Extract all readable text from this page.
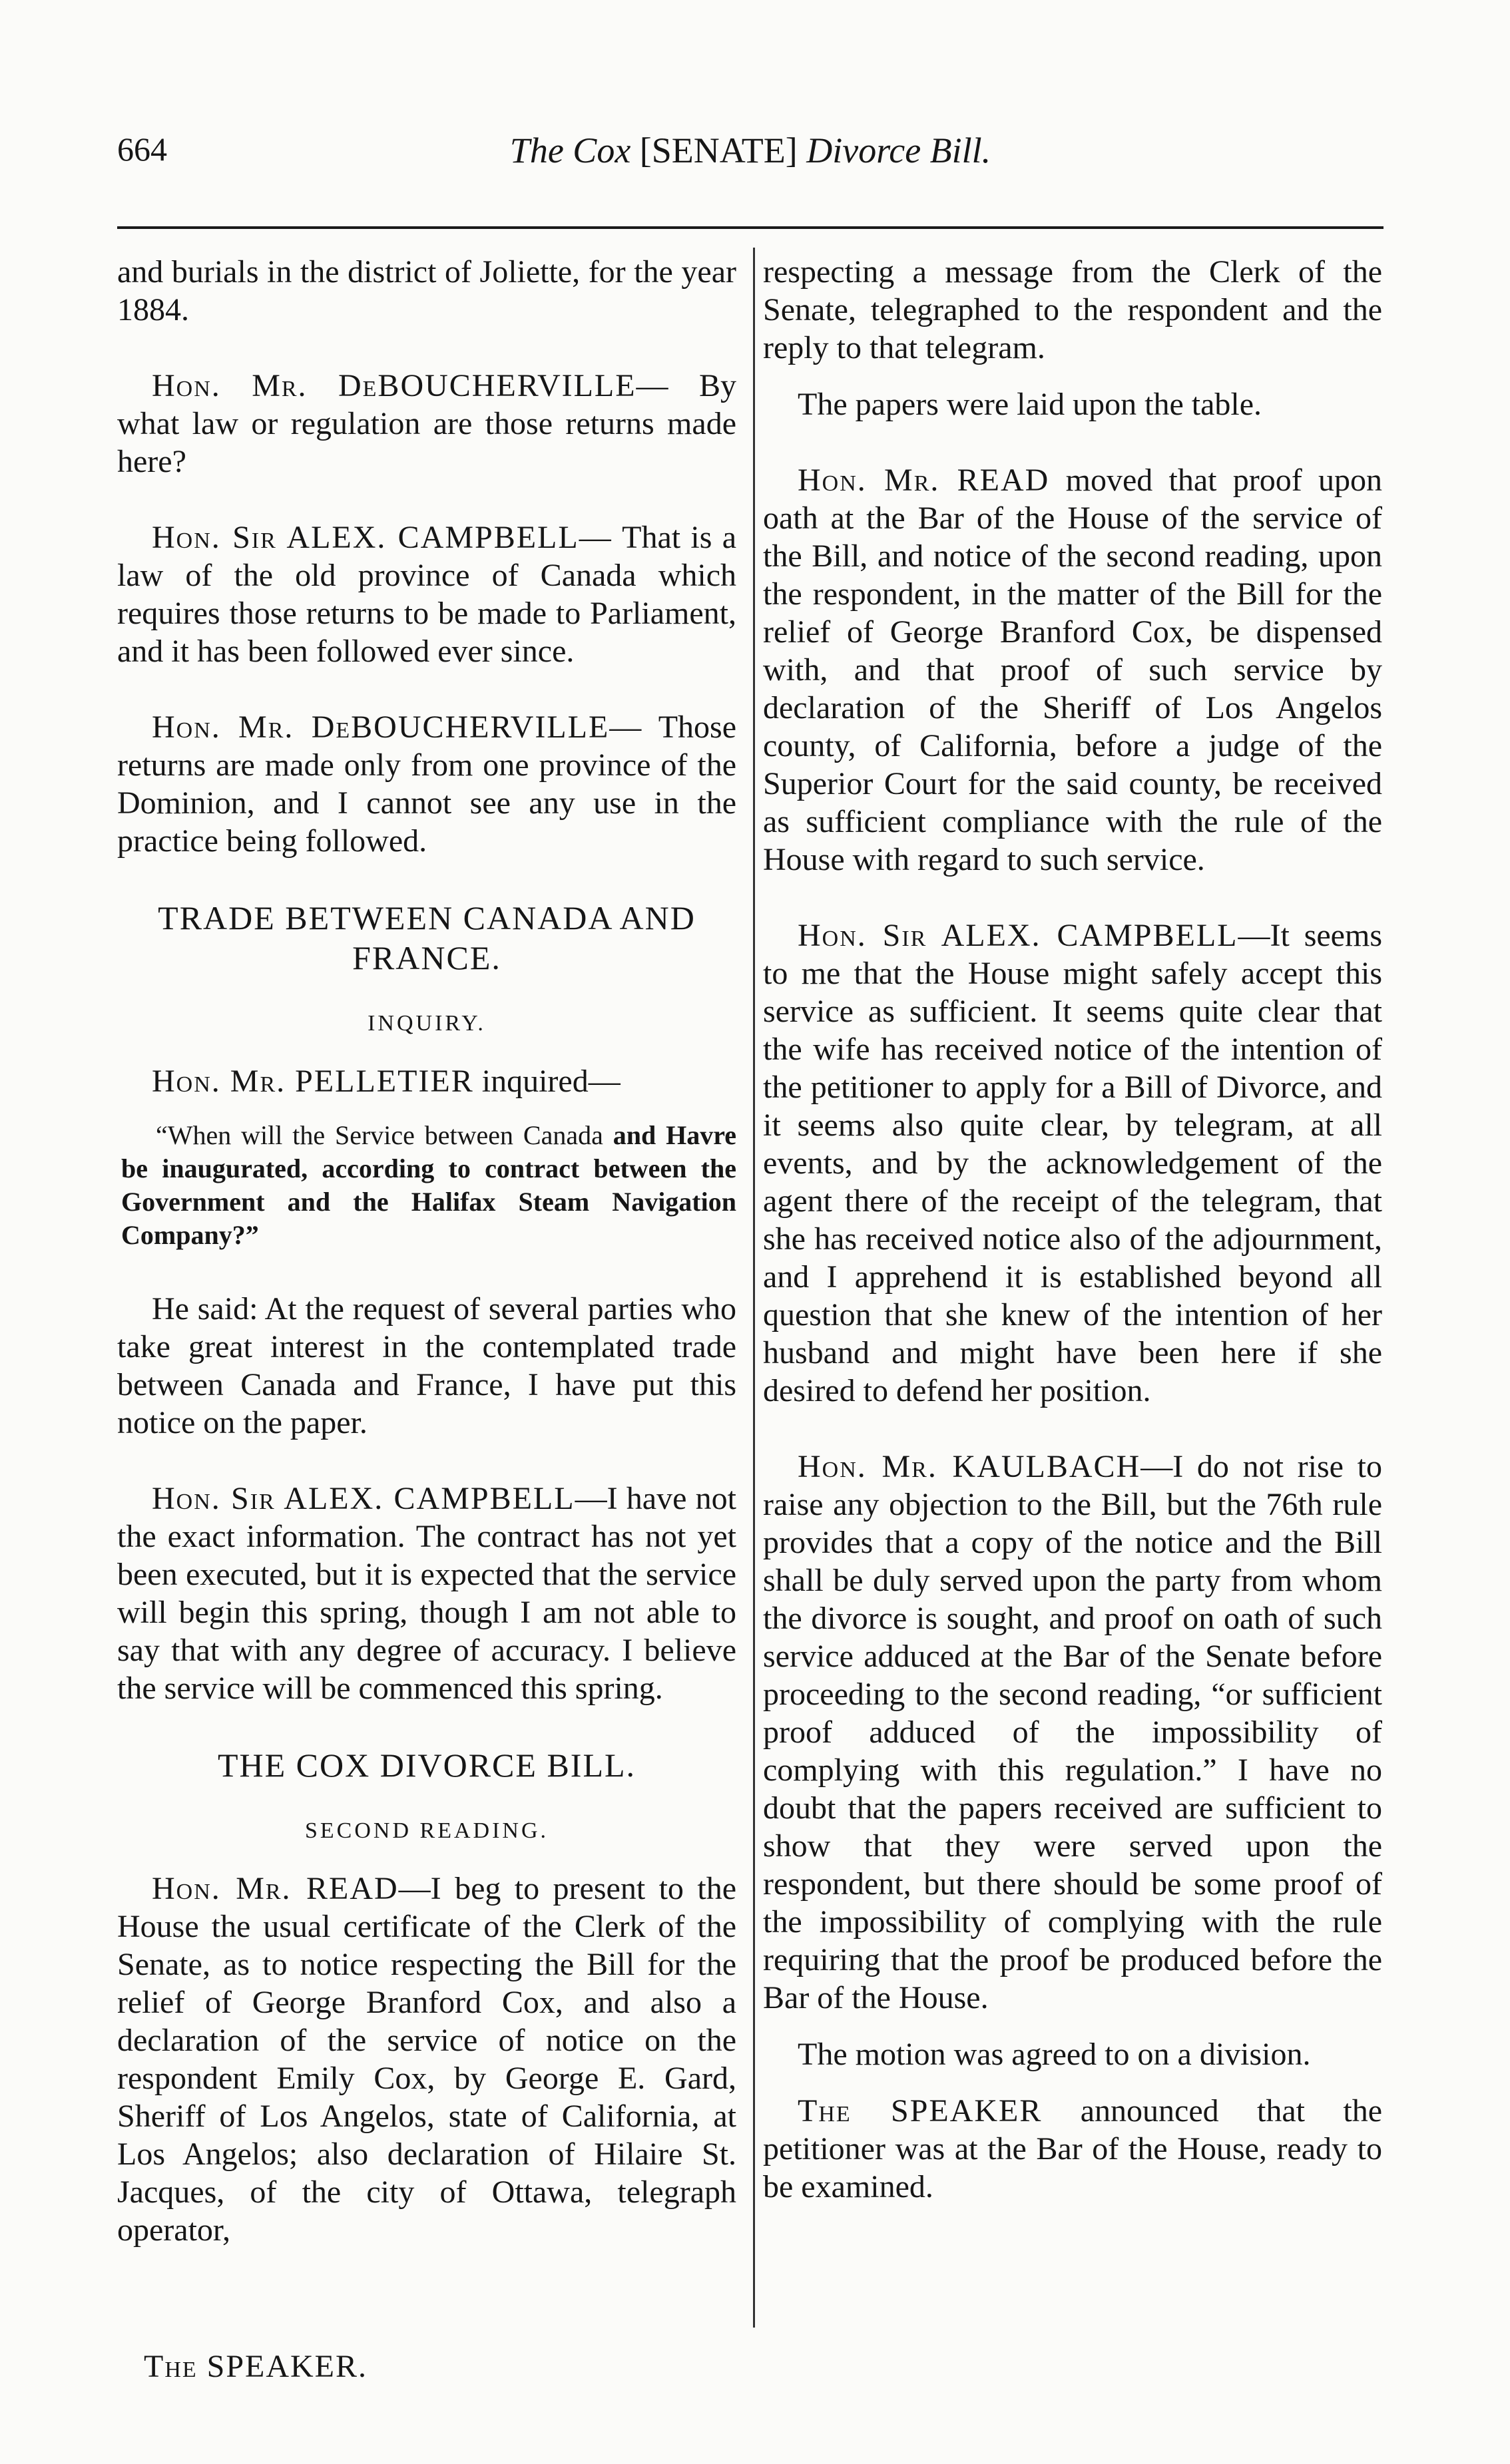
664	The Cox [SENATE] Divorce Bill.

and burials in the district of Joliette, for the year 1884.

Hon. Mr. DeBOUCHERVILLE— By what law or regulation are those returns made here?

Hon. Sir ALEX. CAMPBELL— That is a law of the old province of Canada which requires those returns to be made to Parliament, and it has been followed ever since.

Hon. Mr. DeBOUCHERVILLE— Those returns are made only from one province of the Dominion, and I cannot see any use in the practice being followed.

TRADE BETWEEN CANADA AND FRANCE.

INQUIRY.

Hon. Mr. PELLETIER inquired—

“When will the Service between Canada and Havre be inaugurated, according to contract between the Government and the Halifax Steam Navigation Company?”

He said: At the request of several parties who take great interest in the contemplated trade between Canada and France, I have put this notice on the paper.

Hon. Sir ALEX. CAMPBELL—I have not the exact information. The contract has not yet been executed, but it is expected that the service will begin this spring, though I am not able to say that with any degree of accuracy. I believe the service will be commenced this spring.

THE COX DIVORCE BILL.

SECOND READING.

Hon. Mr. READ—I beg to present to the House the usual certificate of the Clerk of the Senate, as to notice respecting the Bill for the relief of George Branford Cox, and also a declaration of the service of notice on the respondent Emily Cox, by George E. Gard, Sheriff of Los Angelos, state of California, at Los Angelos; also declaration of Hilaire St. Jacques, of the city of Ottawa, telegraph operator,

respecting a message from the Clerk of the Senate, telegraphed to the respondent and the reply to that telegram.

The papers were laid upon the table.

Hon. Mr. READ moved that proof upon oath at the Bar of the House of the service of the Bill, and notice of the second reading, upon the respondent, in the matter of the Bill for the relief of George Branford Cox, be dispensed with, and that proof of such service by declaration of the Sheriff of Los Angelos county, of California, before a judge of the Superior Court for the said county, be received as sufficient compliance with the rule of the House with regard to such service.

Hon. Sir ALEX. CAMPBELL—It seems to me that the House might safely accept this service as sufficient. It seems quite clear that the wife has received notice of the intention of the petitioner to apply for a Bill of Divorce, and it seems also quite clear, by telegram, at all events, and by the acknowledgement of the agent there of the receipt of the telegram, that she has received notice also of the adjournment, and I apprehend it is established beyond all question that she knew of the intention of her husband and might have been here if she desired to defend her position.

Hon. Mr. KAULBACH—I do not rise to raise any objection to the Bill, but the 76th rule provides that a copy of the notice and the Bill shall be duly served upon the party from whom the divorce is sought, and proof on oath of such service adduced at the Bar of the Senate before proceeding to the second reading, “or sufficient proof adduced of the impossibility of complying with this regulation.” I have no doubt that the papers received are sufficient to show that they were served upon the respondent, but there should be some proof of the impossibility of complying with the rule requiring that the proof be produced before the Bar of the House.

The motion was agreed to on a division.

The SPEAKER announced that the petitioner was at the Bar of the House, ready to be examined.

The SPEAKER.
